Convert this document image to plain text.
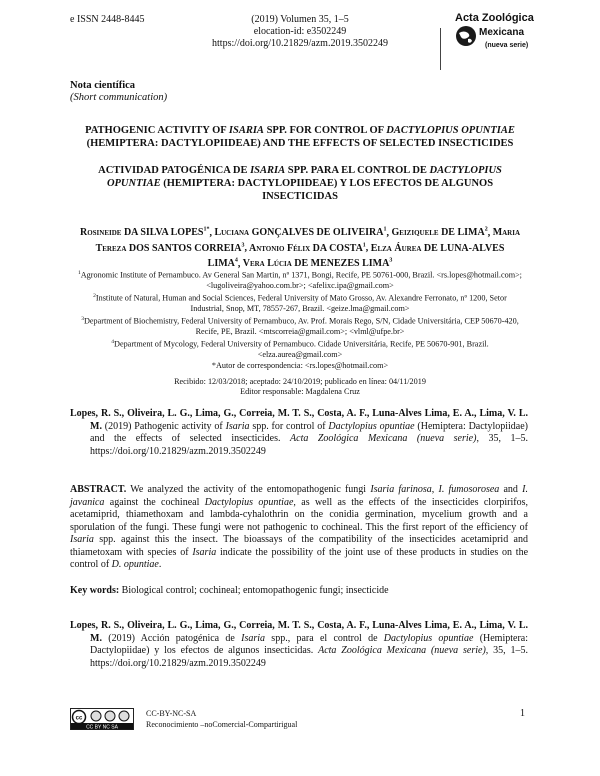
e ISSN 2448-8445	(2019) Volumen 35, 1–5
elocation-id: e3502249
https://doi.org/10.21829/azm.2019.3502249
Acta Zoológica
Mexicana
(nueva serie)
Nota científica
(Short communication)
PATHOGENIC ACTIVITY OF ISARIA SPP. FOR CONTROL OF DACTYLOPIUS OPUNTIAE (HEMIPTERA: DACTYLOPIIDEAE) AND THE EFFECTS OF SELECTED INSECTICIDES
ACTIVIDAD PATOGÉNICA DE ISARIA SPP. PARA EL CONTROL DE DACTYLOPIUS OPUNTIAE (HEMIPTERA: DACTYLOPIIDEAE) Y LOS EFECTOS DE ALGUNOS INSECTICIDAS
Rosineide DA SILVA $LOPES^{1*}$, Luciana GONÇALVES DE OLIVEIRA$^1$, Geiziquele DE LIMA$^2$, Maria Tereza DOS SANTOS CORREIA$^3$, Antonio Félix DA COSTA$^1$, Elza Áurea DE LUNA-ALVES LIMA$^4$, Vera Lúcia DE MENEZES LIMA$^3$

$^1$Agronomic Institute of Pernambuco. Av General San Martin, nº 1371, Bongi, Recife, PE 50761-000, Brazil. <rs.lopes@hotmail.com>; <lugoliveira@yahoo.com.br>; <afelixc.ipa@gmail.com>

$^2$Institute of Natural, Human and Social Sciences, Federal University of Mato Grosso, Av. Alexandre Ferronato, nº 1200, Setor Industrial, Snop, MT, 78557-267, Brazil. <geize.lma@gmail.com>

$^3$Department of Biochemistry, Federal University of Pernambuco, Av. Prof. Morais Rego, S/N, Cidade Universitária, CEP 50670-420, Recife, PE, Brazil. <mtscorreia@gmail.com>; <vlml@ufpe.br>

$^4$Department of Mycology, Federal University of Pernambuco. Cidade Universitária, Recife, PE 50670-901, Brazil. <elza.aurea@gmail.com>

*Autor de correspondencia: <rs.lopes@hotmail.com>

Recibido: 12/03/2018; aceptado: 24/10/2019; publicado en línea: 04/11/2019
Editor responsable: Magdalena Cruz

Lopes, R. S., Oliveira, L. G., Lima, G., Correia, M. T. S., Costa, A. F., Luna-Alves Lima, E. A., Lima, V. L. M. (2019) Pathogenic activity of Isaria spp. for control of Dactylopius opuntiae (Hemiptera: Dactylopiidae) and the effects of selected insecticides. Acta Zoológica Mexicana (nueva serie), 35, 1–5. https://doi.org/10.21829/azm.2019.3502249

ABSTRACT. We analyzed the activity of the entomopathogenic fungi Isaria farinosa, I. fumosorosea and I. javanica against the cochineal Dactylopius opuntiae, as well as the effects of the insecticides clorpirifos, acetamiprid, thiamethoxam and lambda-cyhalothrin on the conidia germination, mycelium growth and a sporulation of the fungi. These fungi were not pathogenic to cochineal. This the first report of the efficiency of Isaria spp. against this the insect. The bioassays of the compatibility of the insecticides acetamiprid and thiametoxam with species of Isaria indicate the possibility of the joint use of these products in studies on the control of D. opuntiae.

Key words: Biological control; cochineal; entomopathogenic fungi; insecticide

Lopes, R. S., Oliveira, L. G., Lima, G., Correia, M. T. S., Costa, A. F., Luna-Alves Lima, E. A., Lima, V. L. M. (2019) Acción patogénica de Isaria spp., para el control de Dactylopius opuntiae (Hemiptera: Dactylopiidae) y los efectos de algunos insecticidas. Acta Zoológica Mexicana (nueva serie), 35, 1–5. https://doi.org/10.21829/azm.2019.3502249

cc
CC BY NC SA
CC-BY-NC-SA
Reconocimiento –noComercial-Compartirigual
1
